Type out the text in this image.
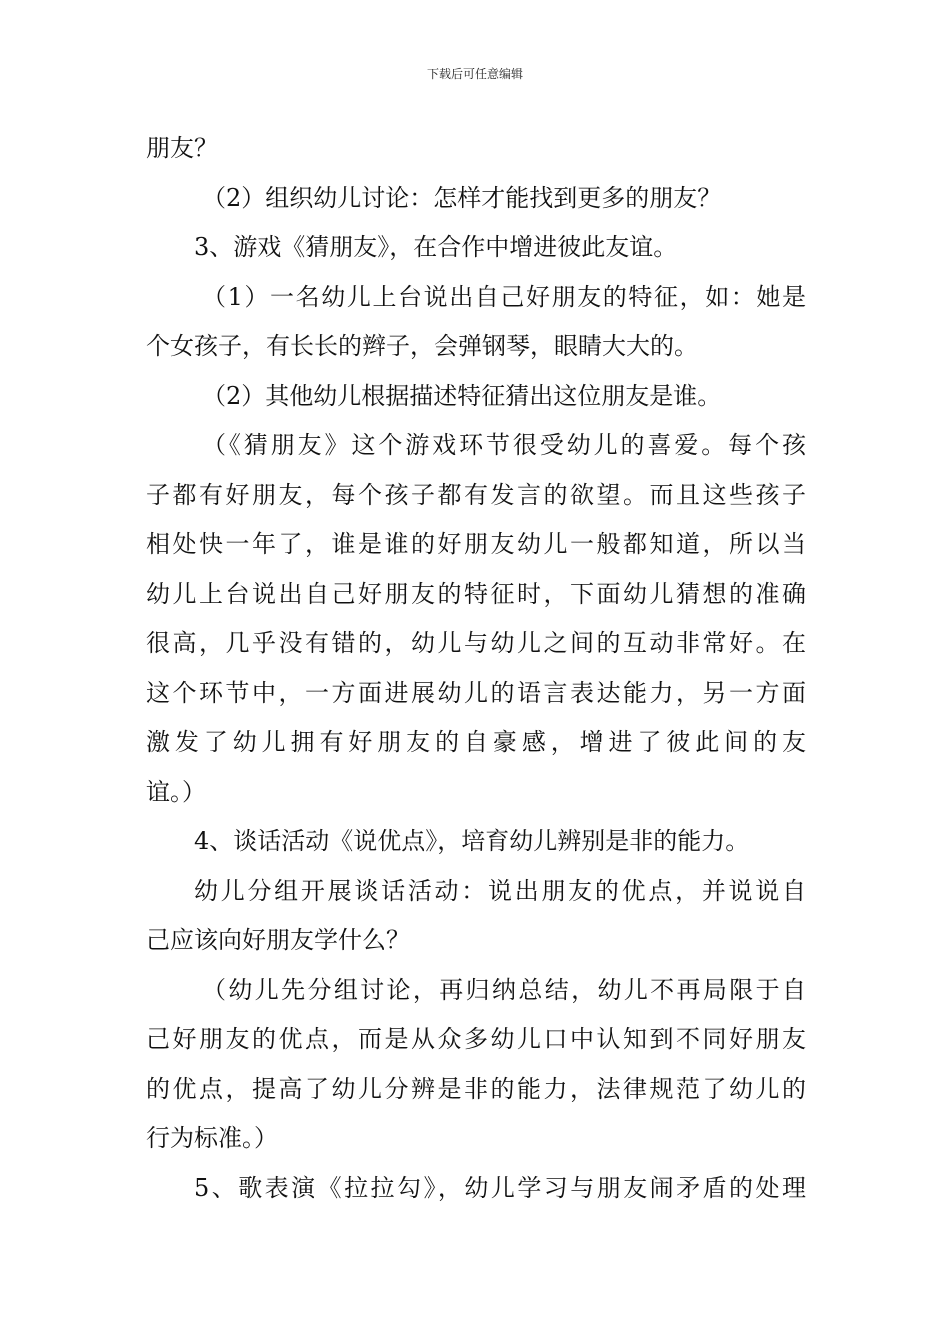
下载后可任意编辑
朋友？
（2）组织幼儿讨论：怎样才能找到更多的朋友？
3、游戏《猜朋友》，在合作中增进彼此友谊。
（1）一名幼儿上台说出自己好朋友的特征，如：她是
个女孩子，有长长的辫子，会弹钢琴，眼睛大大的。
（2）其他幼儿根据描述特征猜出这位朋友是谁。
（《猜朋友》这个游戏环节很受幼儿的喜爱。每个孩
子都有好朋友，每个孩子都有发言的欲望。而且这些孩子
相处快一年了，谁是谁的好朋友幼儿一般都知道，所以当
幼儿上台说出自己好朋友的特征时，下面幼儿猜想的准确
很高，几乎没有错的，幼儿与幼儿之间的互动非常好。在
这个环节中，一方面进展幼儿的语言表达能力，另一方面
激发了幼儿拥有好朋友的自豪感，增进了彼此间的友
谊。）
4、谈话活动《说优点》，培育幼儿辨别是非的能力。
幼儿分组开展谈话活动：说出朋友的优点，并说说自
己应该向好朋友学什么？
（幼儿先分组讨论，再归纳总结，幼儿不再局限于自
己好朋友的优点，而是从众多幼儿口中认知到不同好朋友
的优点，提高了幼儿分辨是非的能力，法律规范了幼儿的
行为标准。）
5、歌表演《拉拉勾》，幼儿学习与朋友闹矛盾的处理
